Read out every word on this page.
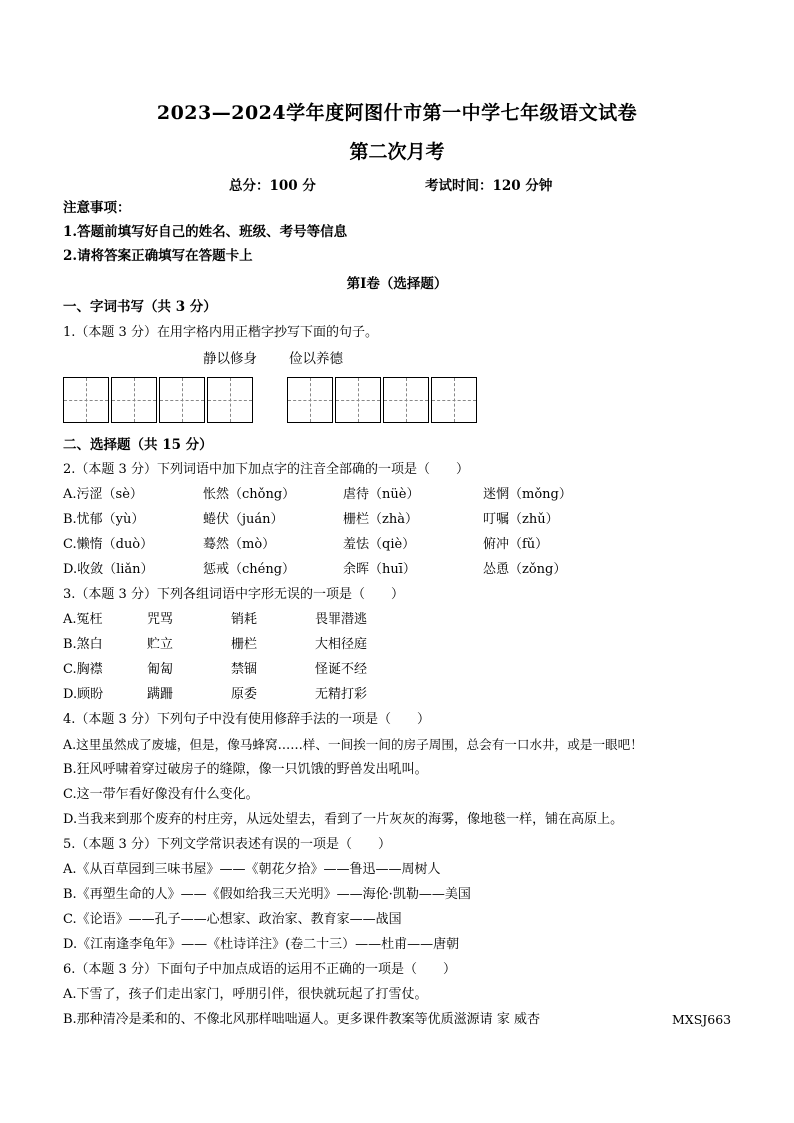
2023—2024学年度阿图什市第一中学七年级语文试卷
第二次月考
总分：100 分	考试时间：120 分钟
注意事项：
1.答题前填写好自己的姓名、班级、考号等信息
2.请将答案正确填写在答题卡上
第Ⅰ卷（选择题）
一、字词书写（共 3 分）
1.（本题 3 分）在用字格内用正楷字抄写下面的句子。
静以修身 俭以养德
二、选择题（共 15 分）
2.（本题 3 分）下列词语中加下加点字的注音全部确的一项是（　　）
A.污涩（sè）	怅然（chǒng）	虐待（nüè）	迷惘（mǒng）
B.忧郁（yù）	蜷伏（juán）	栅栏（zhà）	叮嘱（zhǔ）
C.懒惰（duò）	蓦然（mò）	羞怯（qiè）	俯冲（fǔ）
D.收敛（liǎn）	惩戒（chéng）	余晖（huī）	怂恿（zǒng）
3.（本题 3 分）下列各组词语中字形无误的一项是（　　）
A.冤枉	咒骂	销耗	畏罪潜逃
B.煞白	贮立	栅栏	大相径庭
C.胸襟	匍匐	禁锢	怪诞不经
D.顾盼	蹒跚	原委	无精打彩
4.（本题 3 分）下列句子中没有使用修辞手法的一项是（　　）
A.这里虽然成了废墟，但是，像马蜂窝……样、一间挨一间的房子周围，总会有一口水井，或是一眼吧！
B.狂风呼啸着穿过破房子的缝隙，像一只饥饿的野兽发出吼叫。
C.这一带乍看好像没有什么变化。
D.当我来到那个废弃的村庄旁，从远处望去，看到了一片灰灰的海雾，像地毯一样，铺在高原上。
5.（本题 3 分）下列文学常识表述有误的一项是（　　）
A.《从百草园到三味书屋》——《朝花夕拾》——鲁迅——周树人
B.《再塑生命的人》——《假如给我三天光明》——海伦·凯勒——美国
C.《论语》——孔子——心想家、政治家、教育家——战国
D.《江南逢李龟年》——《杜诗详注》(卷二十三）——杜甫——唐朝
6.（本题 3 分）下面句子中加点成语的运用不正确的一项是（　　）
A.下雪了，孩子们走出家门，呼朋引伴，很快就玩起了打雪仗。
B.那种清冷是柔和的、不像北风那样咄咄逼人。更多课件教案等优质滋源请 家 威杏	MXSJ663
